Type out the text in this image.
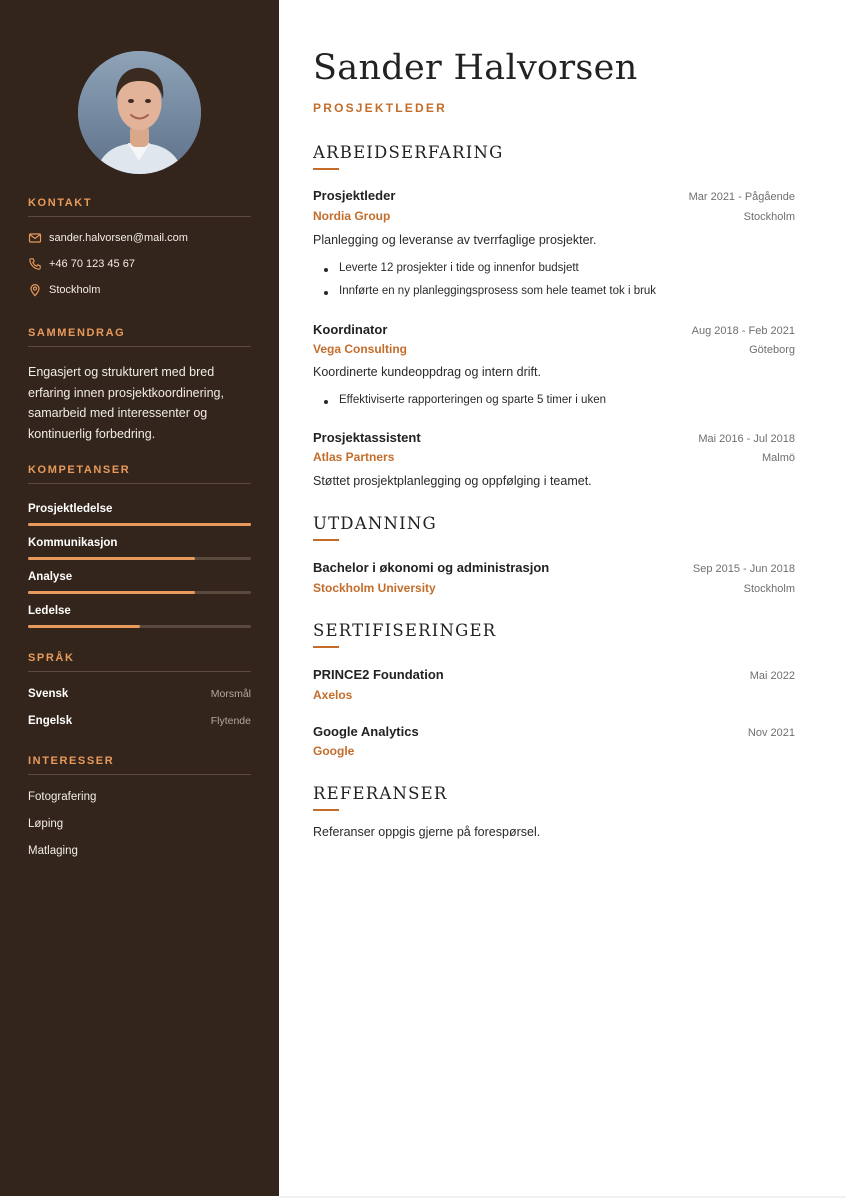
KONTAKT
sander.halvorsen@mail.com
+46 70 123 45 67
Stockholm
SAMMENDRAG
Engasjert og strukturert med bred erfaring innen prosjektkoordinering, samarbeid med interessenter og kontinuerlig forbedring.
KOMPETANSER
Prosjektledelse
Kommunikasjon
Analyse
Ledelse
SPRÅK
Svensk	Morsmål
Engelsk	Flytende
INTERESSER
Fotografering
Løping
Matlaging
Sander Halvorsen
PROSJEKTLEDER
ARBEIDSERFARING
Prosjektleder	Mar 2021 - Pågående
Nordia Group	Stockholm
Planlegging og leveranse av tverrfaglige prosjekter.
Leverte 12 prosjekter i tide og innenfor budsjett
Innførte en ny planleggingsprosess som hele teamet tok i bruk
Koordinator	Aug 2018 - Feb 2021
Vega Consulting	Göteborg
Koordinerte kundeoppdrag og intern drift.
Effektiviserte rapporteringen og sparte 5 timer i uken
Prosjektassistent	Mai 2016 - Jul 2018
Atlas Partners	Malmö
Støttet prosjektplanlegging og oppfølging i teamet.
UTDANNING
Bachelor i økonomi og administrasjon	Sep 2015 - Jun 2018
Stockholm University	Stockholm
SERTIFISERINGER
PRINCE2 Foundation	Mai 2022
Axelos
Google Analytics	Nov 2021
Google
REFERANSER
Referanser oppgis gjerne på forespørsel.
